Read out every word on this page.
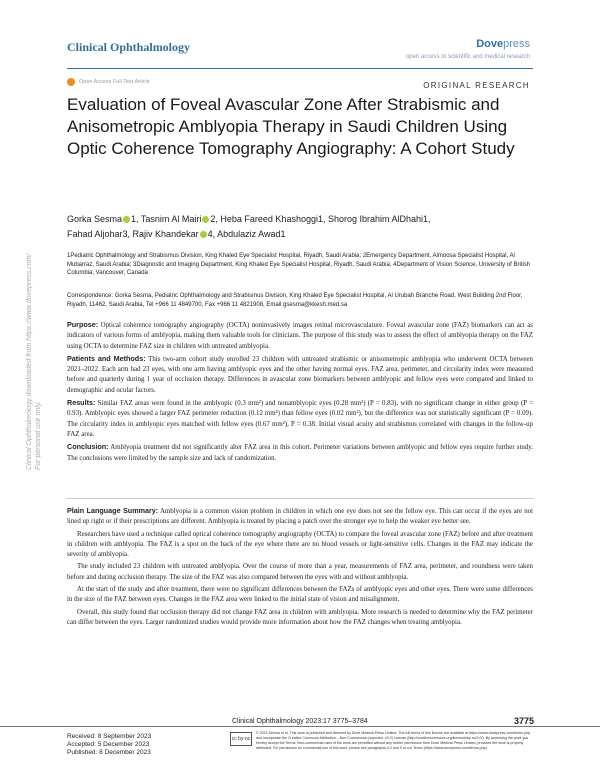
Clinical Ophthalmology	Dovepress
open access to scientific and medical research
Open Access Full Text Article	ORIGINAL RESEARCH
Evaluation of Foveal Avascular Zone After Strabismic and Anisometropic Amblyopia Therapy in Saudi Children Using Optic Coherence Tomography Angiography: A Cohort Study
Gorka Sesma 1, Tasnim Al Mairi 2, Heba Fareed Khashoggi1, Shorog Ibrahim AlDhahi1,
Fahad Aljohar3, Rajiv Khandekar 4, Abdulaziz Awad1
1Pediatric Ophthalmology and Strabismus Division, King Khaled Eye Specialist Hospital, Riyadh, Saudi Arabia; 2Emergency Department, Almoosa Specialist Hospital, Al Mubarraz, Saudi Arabia; 3Diagnostic and Imaging Department, King Khaled Eye Specialist Hospital, Riyadh, Saudi Arabia; 4Department of Vision Science, University of British Columbia, Vancouver, Canada
Correspondence: Gorka Sesma, Pediatric Ophthalmology and Strabismus Division, King Khaled Eye Specialist Hospital, Al Urubah Branche Road, West Building 2nd Floor, Riyadh, 11462, Saudi Arabia, Tel +966 11 4849700, Fax +966 11 4821908, Email gsesma@kkesh.med.sa

Purpose: Optical coherence tomography angiography (OCTA) noninvasively images retinal microvasculature. Foveal avascular zone (FAZ) biomarkers can act as indicators of various forms of amblyopia, making them valuable tools for clinicians. The purpose of this study was to assess the effect of amblyopia therapy on the FAZ using OCTA to determine FAZ size in children with untreated amblyopia.

Patients and Methods: This two-arm cohort study enrolled 23 children with untreated strabismic or anisometropic amblyopia who underwent OCTA between 2021–2022. Each arm had 23 eyes, with one arm having amblyopic eyes and the other having normal eyes. FAZ area, perimeter, and circularity index were measured before and quarterly during 1 year of occlusion therapy. Differences in avascular zone biomarkers between amblyopic and fellow eyes were compared and linked to demographic and ocular factors.

Results: Similar FAZ areas were found in the amblyopic (0.3 mm²) and nonamblyopic eyes (0.28 mm²) (P = 0.83), with no significant change in either group (P = 0.93). Amblyopic eyes showed a larger FAZ perimeter reduction (0.12 mm²) than fellow eyes (0.02 mm²), but the difference was not statistically significant (P = 0.09). The circularity index in amblyopic eyes matched with fellow eyes (0.67 mm²), P = 0.38. Initial visual acuity and strabismus correlated with changes in the follow-up FAZ area.

Conclusion: Amblyopia treatment did not significantly alter FAZ area in this cohort. Perimeter variations between amblyopic and fellow eyes require further study. The conclusions were limited by the sample size and lack of randomization.

Plain Language Summary: Amblyopia is a common vision problem in children in which one eye does not see the fellow eye. This can occur if the eyes are not lined up right or if their prescriptions are different. Amblyopia is treated by placing a patch over the stronger eye to help the weaker eye better see.

Researchers have used a technique called optical coherence tomography angiography (OCTA) to compare the foveal avascular zone (FAZ) before and after treatment in children with amblyopia. The FAZ is a spot on the back of the eye where there are no blood vessels or light-sensitive cells. Changes in the FAZ may indicate the severity of amblyopia.

The study included 23 children with untreated amblyopia. Over the course of more than a year, measurements of FAZ area, perimeter, and roundness were taken before and during occlusion therapy. The size of the FAZ was also compared between the eyes with and without amblyopia.

At the start of the study and after treatment, there were no significant differences between the FAZs of amblyopic eyes and other eyes. There were some differences in the size of the FAZ between eyes. Changes in the FAZ area were linked to the initial state of vision and misalignment.

Overall, this study found that occlusion therapy did not change FAZ area in children with amblyopia. More research is needed to determine why the FAZ perimeter can differ between the eyes. Larger randomized studies would provide more information about how the FAZ changes when treating amblyopia.

Clinical Ophthalmology downloaded from https://www.dovepress.com/ For personal use only.
Clinical Ophthalmology 2023:17 3775–3784	3775
Received: 8 September 2023
Accepted: 5 December 2023
Published: 8 December 2023
cc by-nc
© 2023 Sesma et al. This work is published and licensed by Dove Medical Press Limited. The full terms of this license are available at https://www.dovepress.com/terms.php and incorporate the Creative Commons Attribution – Non Commercial (unported, v3.0) License (http://creativecommons.org/licenses/by-nc/3.0/). By accessing the work you hereby accept the Terms. Non-commercial uses of the work are permitted without any further permission from Dove Medical Press Limited, provided the work is properly attributed. For permission for commercial use of this work, please see paragraphs 4.2 and 5 of our Terms (https://www.dovepress.com/terms.php).
